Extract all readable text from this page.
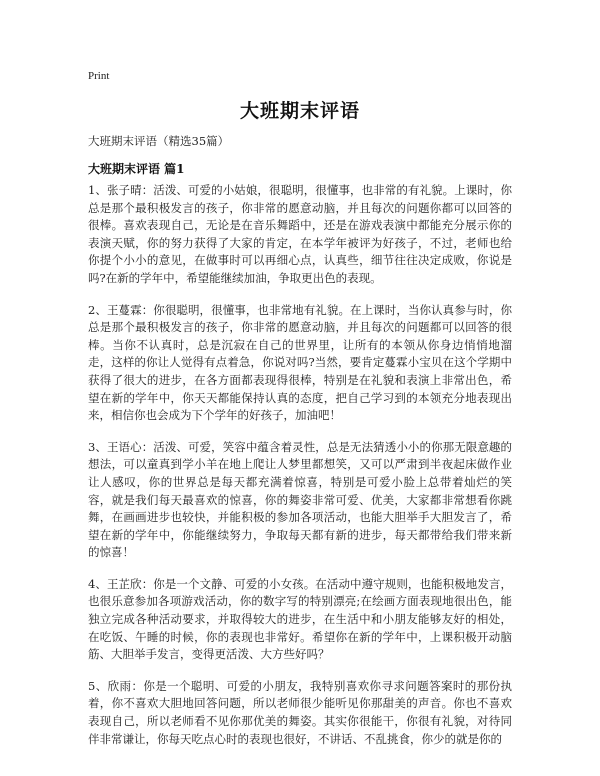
Print
大班期末评语
大班期末评语（精选35篇）
大班期末评语 篇1

1、张子晴：活泼、可爱的小姑娘，很聪明，很懂事，也非常的有礼貌。上课时，你总是那个最积极发言的孩子，你非常的愿意动脑，并且每次的问题你都可以回答的很棒。喜欢表现自己，无论是在音乐舞蹈中，还是在游戏表演中都能充分展示你的表演天赋，你的努力获得了大家的肯定，在本学年被评为好孩子，不过，老师也给你提个小小的意见，在做事时可以再细心点，认真些，细节往往决定成败，你说是吗?在新的学年中，希望能继续加油，争取更出色的表现。

2、王蔓霖：你很聪明，很懂事，也非常地有礼貌。在上课时，当你认真参与时，你总是那个最积极发言的孩子，你非常的愿意动脑，并且每次的问题都可以回答的很棒。当你不认真时，总是沉寂在自己的世界里，让所有的本领从你身边悄悄地溜走，这样的你让人觉得有点着急，你说对吗?当然，要肯定蔓霖小宝贝在这个学期中获得了很大的进步，在各方面都表现得很棒，特别是在礼貌和表演上非常出色，希望在新的学年中，你天天都能保持认真的态度，把自己学习到的本领充分地表现出来，相信你也会成为下个学年的好孩子，加油吧！

3、王语心：活泼、可爱，笑容中蕴含着灵性，总是无法猜透小小的你那无限意趣的想法，可以童真到学小羊在地上爬让人梦里都想笑，又可以严肃到半夜起床做作业让人感叹，你的世界总是每天都充满着惊喜，特别是可爱小脸上总带着灿烂的笑容，就是我们每天最喜欢的惊喜，你的舞姿非常可爱、优美，大家都非常想看你跳舞，在画画进步也较快，并能积极的参加各项活动，也能大胆举手大胆发言了，希望在新的学年中，你能继续努力，争取每天都有新的进步，每天都带给我们带来新的惊喜！

4、王芷欣：你是一个文静、可爱的小女孩。在活动中遵守规则，也能积极地发言，也很乐意参加各项游戏活动，你的数字写的特别漂亮;在绘画方面表现地很出色，能独立完成各种活动要求，并取得较大的进步，在生活中和小朋友能够友好的相处，在吃饭、午睡的时候，你的表现也非常好。希望你在新的学年中，上课积极开动脑筋、大胆举手发言，变得更活泼、大方些好吗？

5、欣雨：你是一个聪明、可爱的小朋友，我特别喜欢你寻求问题答案时的那份执着，你不喜欢大胆地回答问题，所以老师很少能听见你那甜美的声音。你也不喜欢表现自己，所以老师看不见你那优美的舞姿。其实你很能干，你很有礼貌，对待同伴非常谦让，你每天吃点心时的表现也很好，不讲话、不乱挑食，你少的就是你的
